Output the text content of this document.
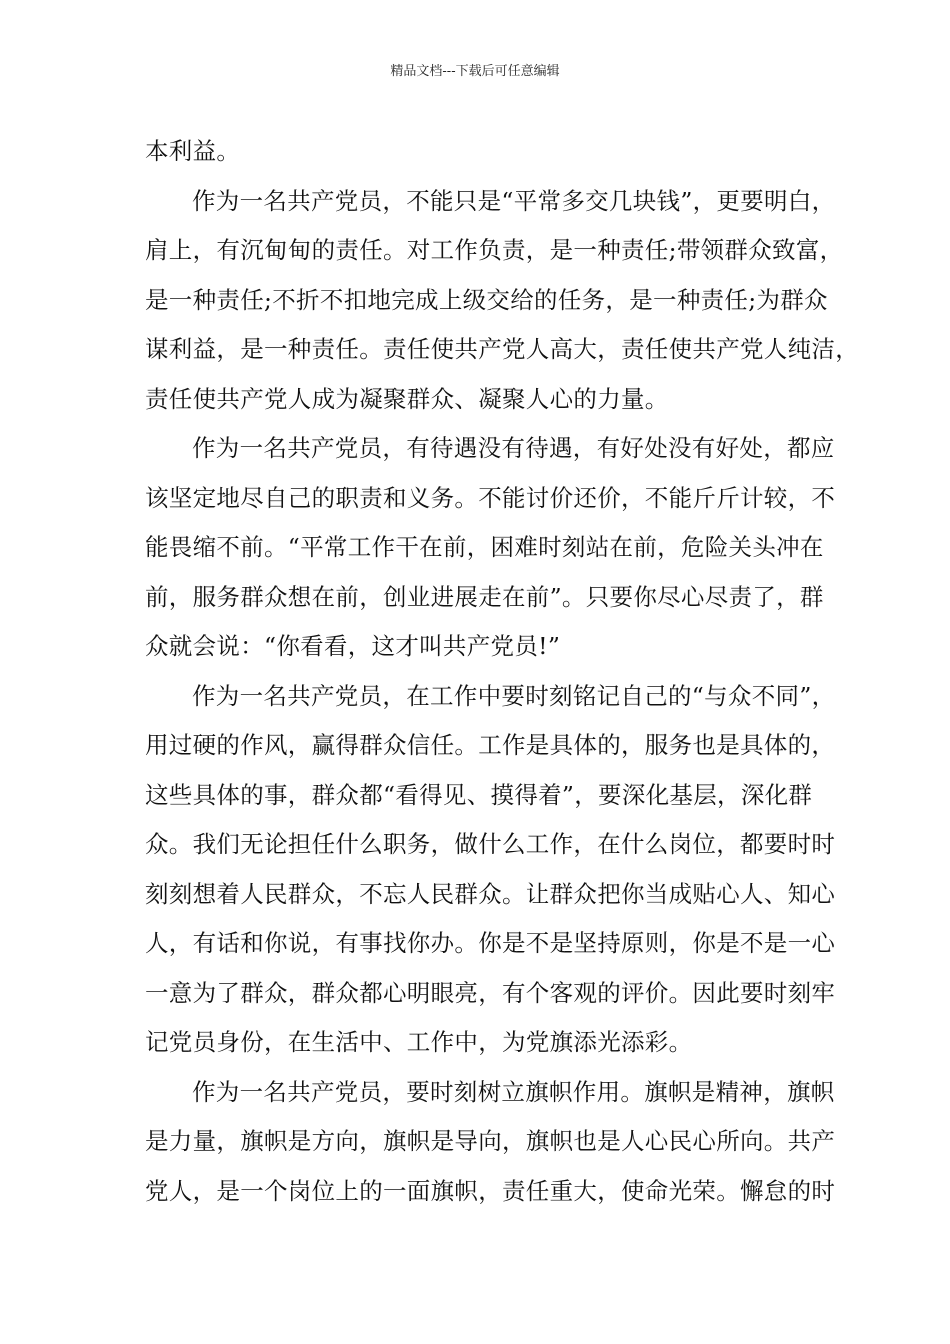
精品文档---下载后可任意编辑
本利益。
作为一名共产党员，不能只是“平常多交几块钱”，更要明白，
肩上，有沉甸甸的责任。对工作负责，是一种责任;带领群众致富，
是一种责任;不折不扣地完成上级交给的任务，是一种责任;为群众
谋利益，是一种责任。责任使共产党人高大，责任使共产党人纯洁，
责任使共产党人成为凝聚群众、凝聚人心的力量。
作为一名共产党员，有待遇没有待遇，有好处没有好处，都应
该坚定地尽自己的职责和义务。不能讨价还价，不能斤斤计较，不
能畏缩不前。“平常工作干在前，困难时刻站在前，危险关头冲在
前，服务群众想在前，创业进展走在前”。只要你尽心尽责了，群
众就会说：“你看看，这才叫共产党员!”
作为一名共产党员，在工作中要时刻铭记自己的“与众不同”，
用过硬的作风，赢得群众信任。工作是具体的，服务也是具体的，
这些具体的事，群众都“看得见、摸得着”，要深化基层，深化群
众。我们无论担任什么职务，做什么工作，在什么岗位，都要时时
刻刻想着人民群众，不忘人民群众。让群众把你当成贴心人、知心
人，有话和你说，有事找你办。你是不是坚持原则，你是不是一心
一意为了群众，群众都心明眼亮，有个客观的评价。因此要时刻牢
记党员身份，在生活中、工作中，为党旗添光添彩。
作为一名共产党员，要时刻树立旗帜作用。旗帜是精神，旗帜
是力量，旗帜是方向，旗帜是导向，旗帜也是人心民心所向。共产
党人，是一个岗位上的一面旗帜，责任重大，使命光荣。懈怠的时
